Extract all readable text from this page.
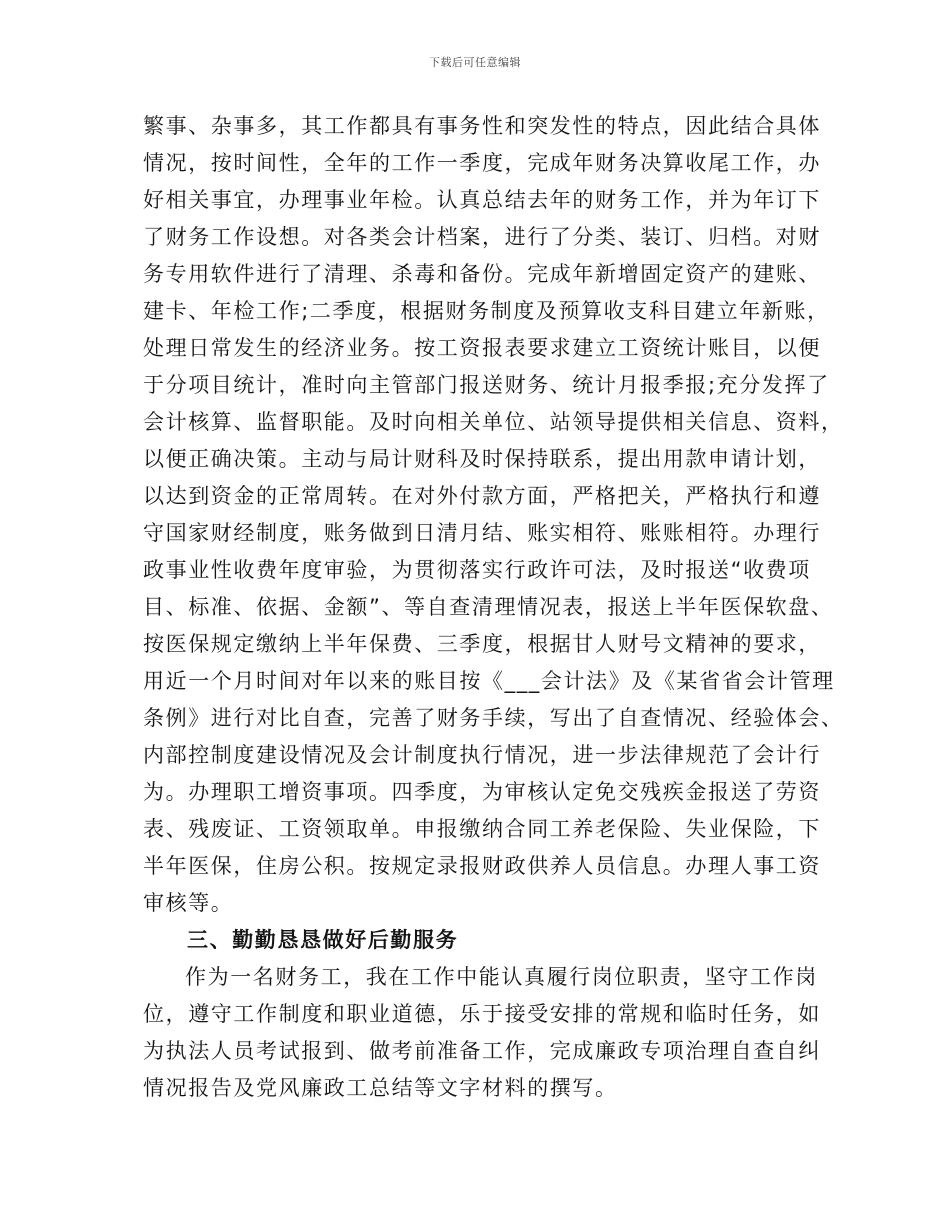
下载后可任意编辑
繁事、杂事多，其工作都具有事务性和突发性的特点，因此结合具体
情况，按时间性，全年的工作一季度，完成年财务决算收尾工作，办
好相关事宜，办理事业年检。认真总结去年的财务工作，并为年订下
了财务工作设想。对各类会计档案，进行了分类、装订、归档。对财
务专用软件进行了清理、杀毒和备份。完成年新增固定资产的建账、
建卡、年检工作;二季度，根据财务制度及预算收支科目建立年新账，
处理日常发生的经济业务。按工资报表要求建立工资统计账目，以便
于分项目统计，准时向主管部门报送财务、统计月报季报;充分发挥了
会计核算、监督职能。及时向相关单位、站领导提供相关信息、资料，
以便正确决策。主动与局计财科及时保持联系，提出用款申请计划，
以达到资金的正常周转。在对外付款方面，严格把关，严格执行和遵
守国家财经制度，账务做到日清月结、账实相符、账账相符。办理行
政事业性收费年度审验，为贯彻落实行政许可法，及时报送“收费项
目、标准、依据、金额”、等自查清理情况表，报送上半年医保软盘、
按医保规定缴纳上半年保费、三季度，根据甘人财号文精神的要求，
用近一个月时间对年以来的账目按《___会计法》及《某省省会计管理
条例》进行对比自查，完善了财务手续，写出了自查情况、经验体会、
内部控制度建设情况及会计制度执行情况，进一步法律规范了会计行
为。办理职工增资事项。四季度，为审核认定免交残疾金报送了劳资
表、残废证、工资领取单。申报缴纳合同工养老保险、失业保险，下
半年医保，住房公积。按规定录报财政供养人员信息。办理人事工资
审核等。
三、勤勤恳恳做好后勤服务
作为一名财务工，我在工作中能认真履行岗位职责，坚守工作岗
位，遵守工作制度和职业道德，乐于接受安排的常规和临时任务，如
为执法人员考试报到、做考前准备工作，完成廉政专项治理自查自纠
情况报告及党风廉政工总结等文字材料的撰写。
